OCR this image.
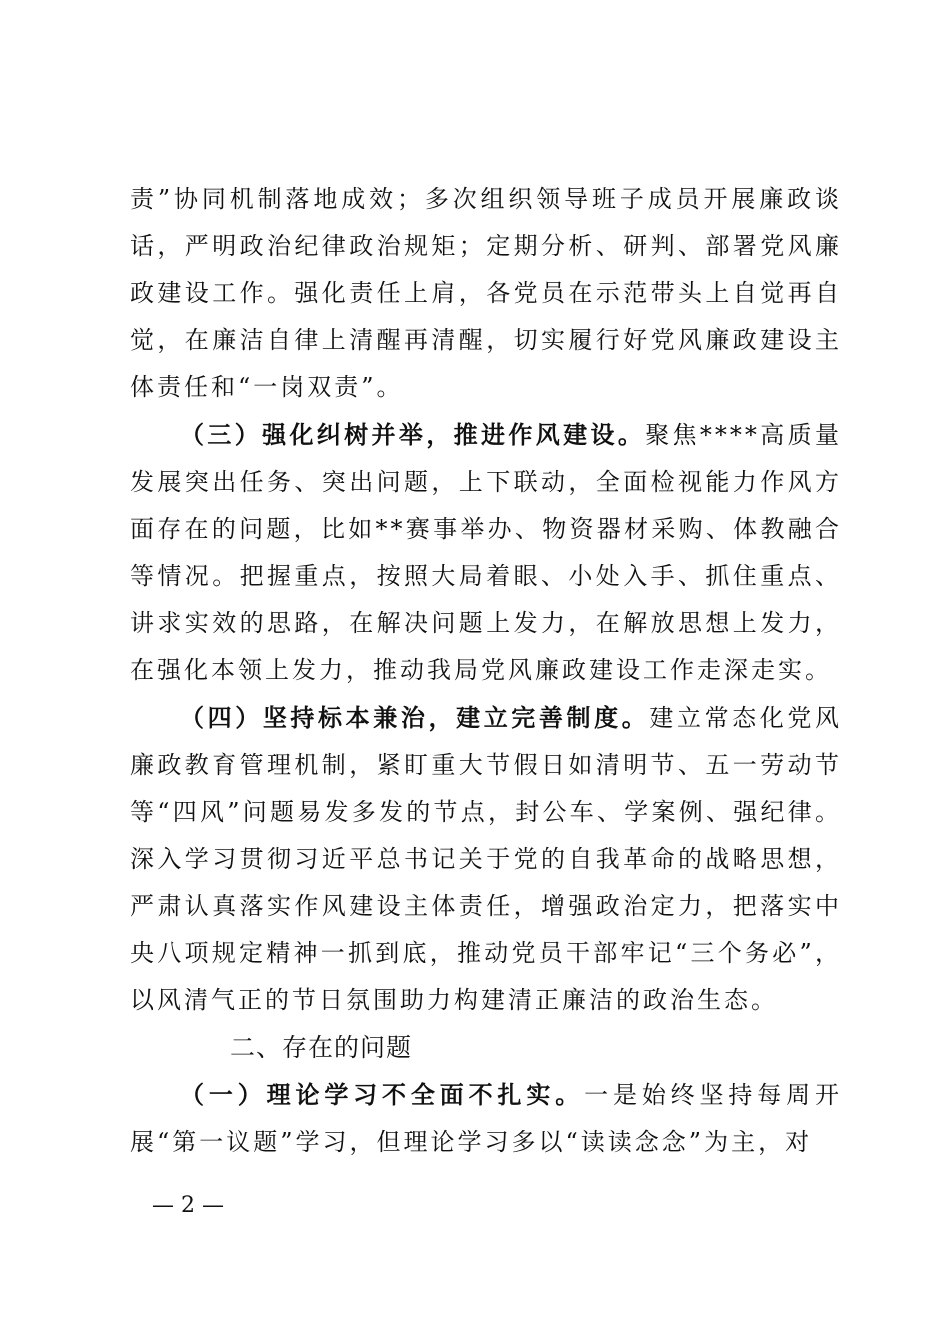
责”协同机制落地成效；多次组织领导班子成员开展廉政谈话，严明政治纪律政治规矩；定期分析、研判、部署党风廉政建设工作。强化责任上肩，各党员在示范带头上自觉再自觉，在廉洁自律上清醒再清醒，切实履行好党风廉政建设主体责任和“一岗双责”。

（三）强化纠树并举，推进作风建设。聚焦****高质量发展突出任务、突出问题，上下联动，全面检视能力作风方面存在的问题，比如**赛事举办、物资器材采购、体教融合等情况。把握重点，按照大局着眼、小处入手、抓住重点、讲求实效的思路，在解决问题上发力，在解放思想上发力，在强化本领上发力，推动我局党风廉政建设工作走深走实。

（四）坚持标本兼治，建立完善制度。建立常态化党风廉政教育管理机制，紧盯重大节假日如清明节、五一劳动节等“四风”问题易发多发的节点，封公车、学案例、强纪律。深入学习贯彻习近平总书记关于党的自我革命的战略思想，严肃认真落实作风建设主体责任，增强政治定力，把落实中央八项规定精神一抓到底，推动党员干部牢记“三个务必”，以风清气正的节日氛围助力构建清正廉洁的政治生态。

二、存在的问题

（一）理论学习不全面不扎实。一是始终坚持每周开展“第一议题”学习，但理论学习多以“读读念念”为主，对

— 2 —
